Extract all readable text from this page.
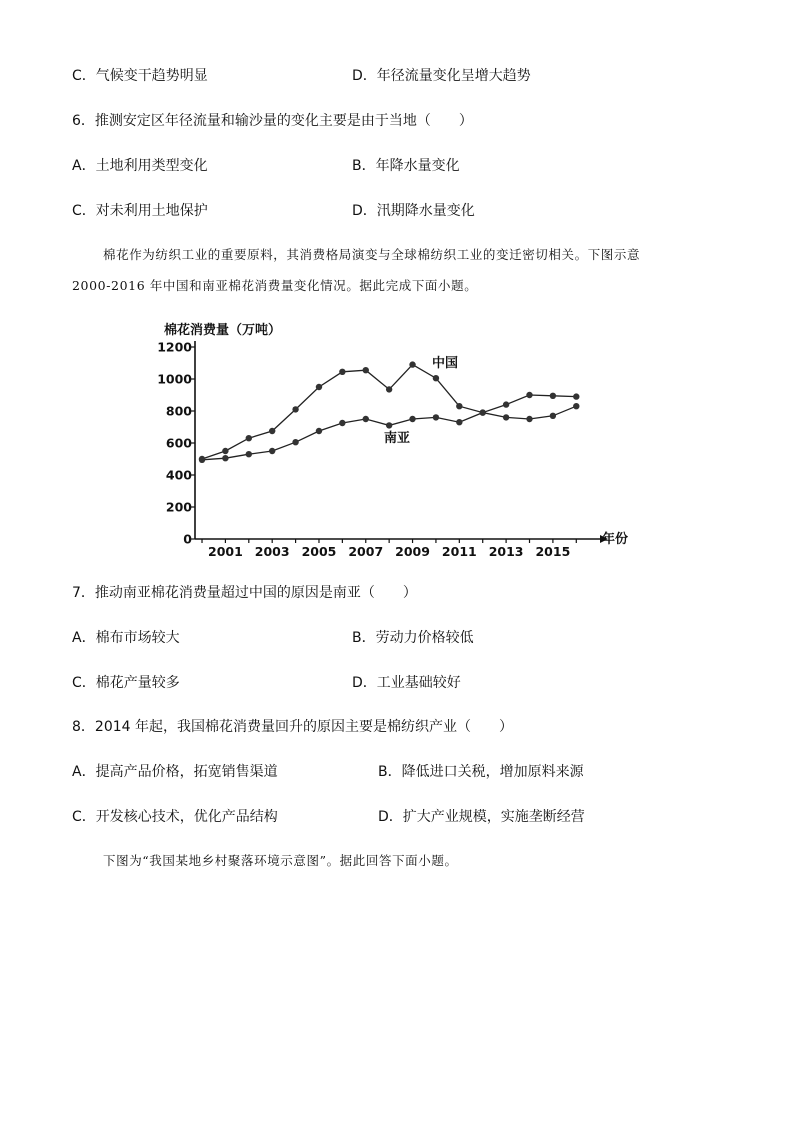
C．气候变干趋势明显	D．年径流量变化呈增大趋势
6．推测安定区年径流量和输沙量的变化主要是由于当地（　　）
A．土地利用类型变化	B．年降水量变化
C．对未利用土地保护	D．汛期降水量变化
棉花作为纺织工业的重要原料，其消费格局演变与全球棉纺织工业的变迁密切相关。下图示意
2000-2016 年中国和南亚棉花消费量变化情况。据此完成下面小题。
棉花消费量（万吨）
0
200
400
600
800
1000
1200
2001 2003 2005 2007 2009 2011 2013 2015
中国
南亚
年份
7．推动南亚棉花消费量超过中国的原因是南亚（　　）
A．棉布市场较大	B．劳动力价格较低
C．棉花产量较多	D．工业基础较好
8．2014 年起，我国棉花消费量回升的原因主要是棉纺织产业（　　）
A．提高产品价格，拓宽销售渠道	B．降低进口关税，增加原料来源
C．开发核心技术，优化产品结构	D．扩大产业规模，实施垄断经营
下图为“我国某地乡村聚落环境示意图”。据此回答下面小题。
